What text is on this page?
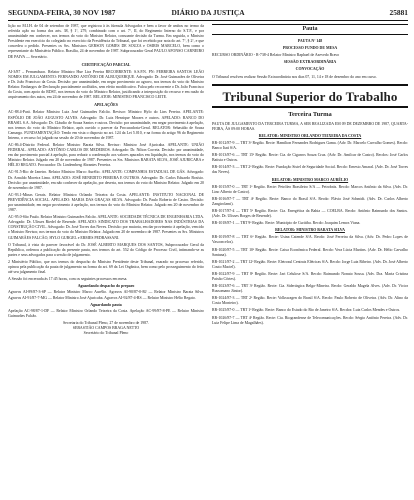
SEGUNDA-FEIRA, 30 NOV 1987	DIÁRIO DA JUSTIÇA	25881

lição no M.I.H. de 04 de setembro de 1987, que registrou à às fúrmula Advogados e bem a favor de ambos no termo da referida ação na forma dos arts. 38, § 1º, 279, combinado com o art. 7º, II, do Regimento Interno do S.T.F., e por unanimidade em conhecer, nos termos do voto do Ministro Relator, consoante decisão da Turma. Em seguida, o Ministro Presidente em exercício do colegiado no exercício da Presidência do Tribunal, que foi recebido por nota do art. 7º, § 2º, e que concedeu o pedido. Presentes os Srs. Ministros GERSON GOMES DE SOUZA e OSIRIS MARCELO, bem como o representante do Ministério Público. Brasília, 24 de novembro de 1987. Subprocurador Geral PAULO AFONSO CARNEIRO DE PAIVA — Secretário.

CERTIFICAÇÃO PARCIAL

AI-3/87 – Pernambuco. Relator Ministro Hue Lira Pereira RECORRENTE: S.S.P.N. PN: FERREIRA SANTOS LEÃO NOMES EM JULGAMENTO: FERNANDO ANTÔNIO DE ALBUQUERQUE. Advogado: Dr. José Guimarães de Oliveira e Dr. João Francisco da Costa. Decisão: por unanimidade, em negar provimento ao agravo, nos termos do voto do Ministro Relator. Embargos de Declaração parcialmente acolhidos, sem efeito modificativo. Falou pelo recorrente o Dr. João Francisco da Costa, com apoio do RDST, nos termos do voto do Ministro Relator, justificando a interposição do recurso e em razão do arquivamento dos autos, em 24 de novembro de 1987. RELATOR: MINISTRO FRANCISCO LEITE.

APELAÇÕES

AC-88.4-Pará. Relator Ministro Luiz José Guimarães Falcão. Revisor: Ministro Hylo do Lins Pereira. APELANTE: ESPÓLIO DE JOÃO AUGUSTO ALVES. Advogado: Dr. Luiz Henrique Moraes e outros. APELADO: BANCO DO BRASIL S.A. Advogado: Dr. Cláudio de Souza Santos e outros. Decisão: por unanimidade, em negar provimento à apelação, nos termos do voto do Ministro Relator, após ouvido o parecer da Procuradoria-Geral. RELATOR: Sebastião de Sousa Camargo. FUNDAMENTAÇÃO: Tendo em vista o disposto no art. 124 da Lei 5.010, e na forma do artigo 96 do Regimento Interno, o recurso foi julgado na sessão de 20 de novembro de 1987.

AC-86.4-Distrito Federal. Relator Ministro Barata Silva. Revisor: Ministro José Ajuricaba. APELANTE: UNIÃO FEDERAL. APELADO: ANTÔNIO CARLOS DE MEDEIROS. Advogado: Dr. Nilton Correia. Decisão: por unanimidade, em dar provimento parcial à apelação, para reduzir a condenação aos valores apurados em liquidação, nos termos do voto do Ministro Relator. Julgado em 20 de novembro de 1987. Presentes os Srs. Ministros BARATA SILVA, JOSÉ AJURICABA e HÉLIO REGATO. Procurador: Dr. Lindemberg Abrantes Ferreira.

AC-91.5-Rio de Janeiro. Relator Ministro Marco Aurélio. APELANTE: COMPANHIA ESTADUAL DE GÁS. Advogado: Dr. Arnaldo Moreira Lima. APELADO: JOSÉ BENEDITO PEREIRA E OUTROS. Advogado: Dr. Carlos Eduardo Bosísio. Decisão: por unanimidade, em não conhecer da apelação, por deserta, nos termos do voto do Ministro Relator. Julgado em 20 de novembro de 1987.

AC-93.1-Minas Gerais. Relator Ministro Orlando Teixeira da Costa. APELANTE: INSTITUTO NACIONAL DE PREVIDÊNCIA SOCIAL. APELADO: MARIA DAS GRAÇAS SILVA. Advogado: Dr. Paulo Roberto de Castro. Decisão: por unanimidade, em negar provimento à apelação, nos termos do voto do Ministro Relator. Julgado em 20 de novembro de 1987.

AC-95.0-São Paulo. Relator Ministro Guimarães Falcão. APELANTE: SOCIEDADE TÉCNICA DE ENGENHARIA LTDA. Advogado: Dr. Ulisses Riedel de Resende. APELADO: SINDICATO DOS TRABALHADORES NAS INDÚSTRIAS DA CONSTRUÇÃO CIVIL. Advogado: Dr. José Torres das Neves. Decisão: por maioria, em dar provimento à apelação, vencido o Ministro Revisor, nos termos do voto do Ministro Relator. Julgado em 20 de novembro de 1987. Presentes os Srs. Ministros GUIMARÃES FALCÃO, HYLO GURGEL e ERMES PEDRASSANI.

O Tribunal, à vista do parecer favorável do Dr. JOSÉ ALBERTO MARQUES DOS SANTOS, Subprocurador Geral da República, ordenou a publicação da presente pauta, nos termos do art. 552 do Código de Processo Civil, intimando-se as partes e seus advogados para a sessão de julgamento.

2 Ministério Público, que nos termos do despacho do Ministro Presidente deste Tribunal, exarado no processo referido, opinou pela publicação da pauta de julgamento na forma do art. 69 da Lei Orgânica, bem como pelo prosseguimento do feito até seu julgamento final.

A Sessão foi encerrada às 17:45 horas, com os seguintes processos em mesa.

Aguardando despacho do preparo

Agravos AI-89/87-3-SP — Relator Ministro Marco Aurélio. Agravos AI-90/87-0-RJ — Relator Ministro Barata Silva. Agravos AI-91/87-7-MG — Relator Ministro José Ajuricaba. Agravos AI-92/87-4-RS — Relator Ministro Hélio Regato.

Aguardando pauta

Apelação AC-98/87-1-DF — Relator Ministro Orlando Teixeira da Costa. Apelação AC-99/87-8-PE — Relator Ministro Guimarães Falcão.

Secretaria do Tribunal Pleno, 27 de novembro de 1987.

SEBASTIÃO CAMPOS BRAGA NETTO

Secretário do Tribunal Pleno

Pauta

PAUTA Nº 148

PROCESSO FUNDO DE MESA

RECURSO ORDINÁRIO - R-738-4 Relator Ministro Raphael de Azevedo Bravo

SESSÃO EXTRAORDINÁRIA

CONVOCAÇÃO

O Tribunal resolveu realizar Sessão Extraordinária nos dias 07, 11, 14 e 18 de dezembro do ano em curso.

Tribunal Superior do Trabalho

Terceira Turma

PAUTA DE JULGAMENTO DA TERCEIRA TURMA, A SER REALIZADA EM 09 DE DEZEMBRO DE 1987, QUARTA-FEIRA, ÀS 09:00 HORAS.

RELATOR: MINISTRO ORLANDO TEIXEIRA DA COSTA

RR-1012/87-9 — TRT 3ª Região. Recte: Hamilton Fernandes Rodrigues Gama. (Adv. Dr. Marcelo Carvalho Gomes). Recdo: Banco Itaú S/A.

RR-1013/87-6 — TRT 15ª Região. Recte: Cia. de Cigarros Souza Cruz. (Adv. Dr. Amilcar de Castro). Recdos: José Carlos Batista e Outros.

RR-1014/87-3 — TRT 2ª Região. Recte: Fundação Sistel de Seguridade Social. Recdo: Ernesto Amaral. (Adv. Dr. José Torres das Neves).

RELATOR: MINISTRO MARCO AURÉLIO

RR-1015/87-0 — TRT 1ª Região. Recte: Petróleo Brasileiro S/A — Petrobrás. Recdo: Marcos Antônio da Silva. (Adv. Dr. Lino Alberto de Castro).

RR-1016/87-7 — TRT 4ª Região. Recte: Banco do Brasil S/A. Recdo: Flávio José Schmidt. (Adv. Dr. Carlos Alberto Zangirolami).

RR-1017/87-4 — TRT 5ª Região. Recte: Cia. Energética da Bahia — COELBA. Recdo: Antônio Raimundo dos Santos. (Adv. Dr. Ulisses Borges de Resende).

RR-1018/87-1 — TRT 9ª Região. Recte: Município de Curitiba. Recdo: Joaquim Lemos Viana.

RELATOR: MINISTRO BARATA SILVA

RR-1019/87-8 — TRT 6ª Região. Recte: Usina Catende S/A. Recdo: José Ferreira da Silva. (Adv. Dr. Pedro Lopes de Vasconcelos).

RR-1020/87-5 — TRT 10ª Região. Recte: Caixa Econômica Federal. Recdo: Vera Lúcia Martins. (Adv. Dr. Hélio Carvalho Santana).

RR-1021/87-2 — TRT 12ª Região. Recte: Eletrosul Centrais Elétricas S/A. Recdo: Jorge Luiz Ribeiro. (Adv. Dr. José Alberto Couto Maciel).

RR-1022/87-9 — TRT 8ª Região. Recte: Jari Celulose S/A. Recdo: Raimundo Nonato Sousa. (Adv. Dra. Maria Cristina Paixão Côrtes).

RR-1023/87-6 — TRT 3ª Região. Recte: Cia. Siderúrgica Belgo-Mineira. Recdo: Geraldo Magela Alves. (Adv. Dr. Victor Russomano Júnior).

RR-1024/87-3 — TRT 2ª Região. Recte: Volkswagen do Brasil S/A. Recdo: Paulo Roberto de Oliveira. (Adv. Dr. Alino da Costa Monteiro).

RR-1025/87-0 — TRT 1ª Região. Recte: Banco do Estado do Rio de Janeiro S/A. Recdos: Luiz Carlos Mendes e Outros.

RR-1026/87-7 — TRT 4ª Região. Recte: Cia. Riograndense de Telecomunicações. Recdo: Sérgio Antônio Pereira. (Adv. Dr. Luiz Felipe Lima de Magalhães).
